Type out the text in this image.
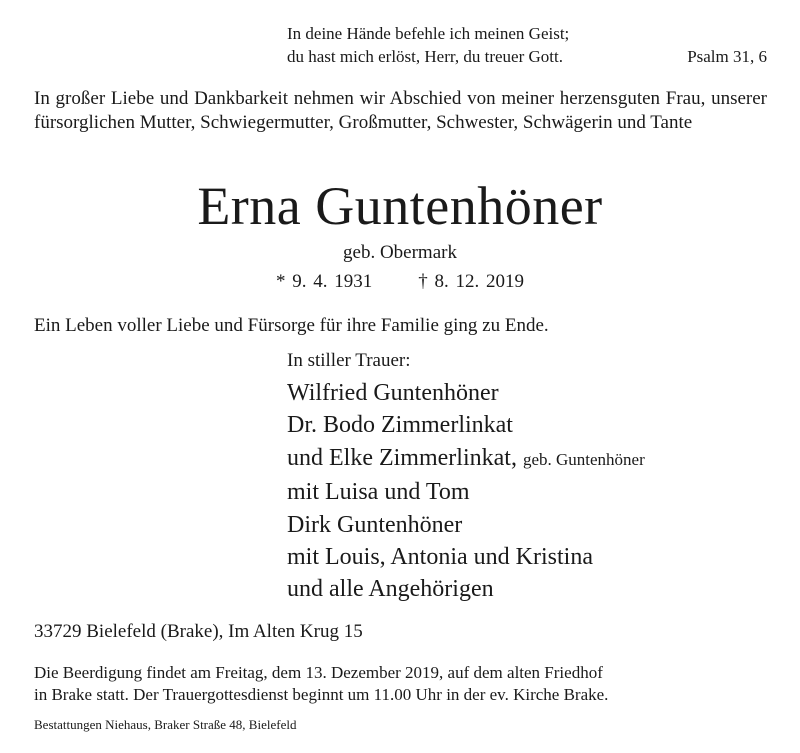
In deine Hände befehle ich meinen Geist;
du hast mich erlöst, Herr, du treuer Gott.	Psalm 31, 6
In großer Liebe und Dankbarkeit nehmen wir Abschied von meiner herzensguten Frau, unserer fürsorglichen Mutter, Schwiegermutter, Großmutter, Schwester, Schwägerin und Tante
Erna Guntenhöner
geb. Obermark
* 9. 4. 1931 † 8. 12. 2019
Ein Leben voller Liebe und Fürsorge für ihre Familie ging zu Ende.
In stiller Trauer:
Wilfried Guntenhöner
Dr. Bodo Zimmerlinkat
und Elke Zimmerlinkat, geb. Guntenhöner
mit Luisa und Tom
Dirk Guntenhöner
mit Louis, Antonia und Kristina
und alle Angehörigen
33729 Bielefeld (Brake), Im Alten Krug 15
Die Beerdigung findet am Freitag, dem 13. Dezember 2019, auf dem alten Friedhof
in Brake statt. Der Trauergottesdienst beginnt um 11.00 Uhr in der ev. Kirche Brake.
Bestattungen Niehaus, Braker Straße 48, Bielefeld
